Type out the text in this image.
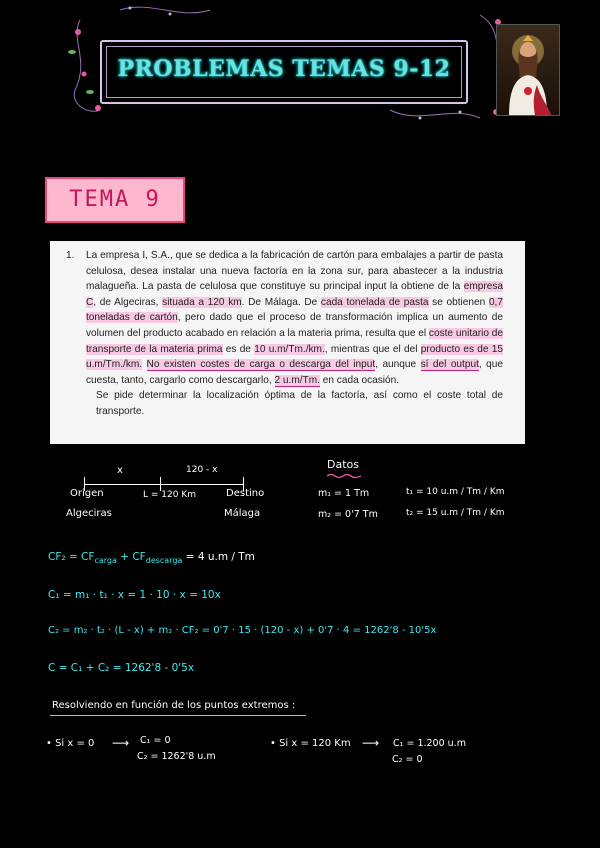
PROBLEMAS TEMAS 9-12
TEMA 9
1. La empresa I, S.A., que se dedica a la fabricación de cartón para embalajes a partir de pasta celulosa, desea instalar una nueva factoría en la zona sur, para abastecer a la industria malagueña. La pasta de celulosa que constituye su principal input la obtiene de la empresa C, de Algeciras, situada a 120 km. De Málaga. De cada tonelada de pasta se obtienen 0,7 toneladas de cartón, pero dado que el proceso de transformación implica un aumento de volumen del producto acabado en relación a la materia prima, resulta que el coste unitario de transporte de la materia prima es de 10 u.m/Tm./km., mientras que el del producto es de 15 u.m/Tm./km. No existen costes de carga o descarga del input, aunque sí del output, que cuesta, tanto, cargarlo como descargarlo, 2 u.m/Tm. en cada ocasión.
Se pide determinar la localización óptima de la factoría, así como el coste total de transporte.
x	120 - x
Origen
Algeciras
L = 120 Km	Destino
Málaga
Datos
m₁ = 1 Tm
m₂ = 0'7 Tm
t₁ = 10 u.m / Tm / Km
t₂ = 15 u.m / Tm / Km
$CF_2 = CF_{carga} + CF_{descarga} = 4$ u.m / Tm
C₁ = m₁ · t₁ · x = 1 · 10 · x = 10x
C₂ = m₂ · t₂ · (L - x) + m₂ · CF₂ = 0'7 · 15 · (120 - x) + 0'7 · 4 = 1262'8 - 10'5x
C = C₁ + C₂ = 1262'8 - 0'5x
Resolviendo en función de los puntos extremos :
• Si x = 0 ⟶ C₁ = 0
C₂ = 1262'8 u.m
• Si x = 120 Km ⟶ C₁ = 1.200 u.m
C₂ = 0
